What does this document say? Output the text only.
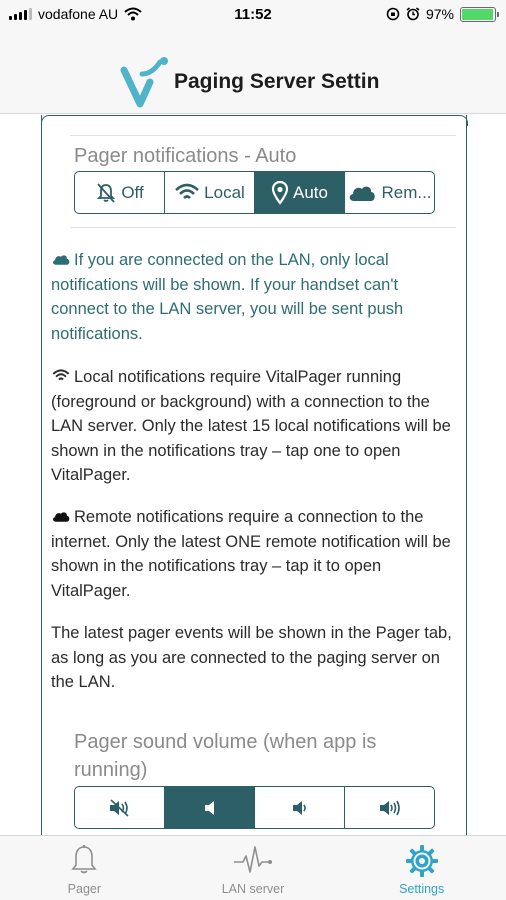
vodafone AU	11:52	97%
Paging Server Settin
Pager notifications - Auto
Off	Local	Auto	Rem...
If you are connected on the LAN, only local notifications will be shown. If your handset can't connect to the LAN server, you will be sent push notifications.
Local notifications require VitalPager running (foreground or background) with a connection to the LAN server. Only the latest 15 local notifications will be shown in the notifications tray – tap one to open VitalPager.
Remote notifications require a connection to the internet. Only the latest ONE remote notification will be shown in the notifications tray – tap it to open VitalPager.
The latest pager events will be shown in the Pager tab, as long as you are connected to the paging server on the LAN.
Pager sound volume (when app is running)
Pager	LAN server	Settings
